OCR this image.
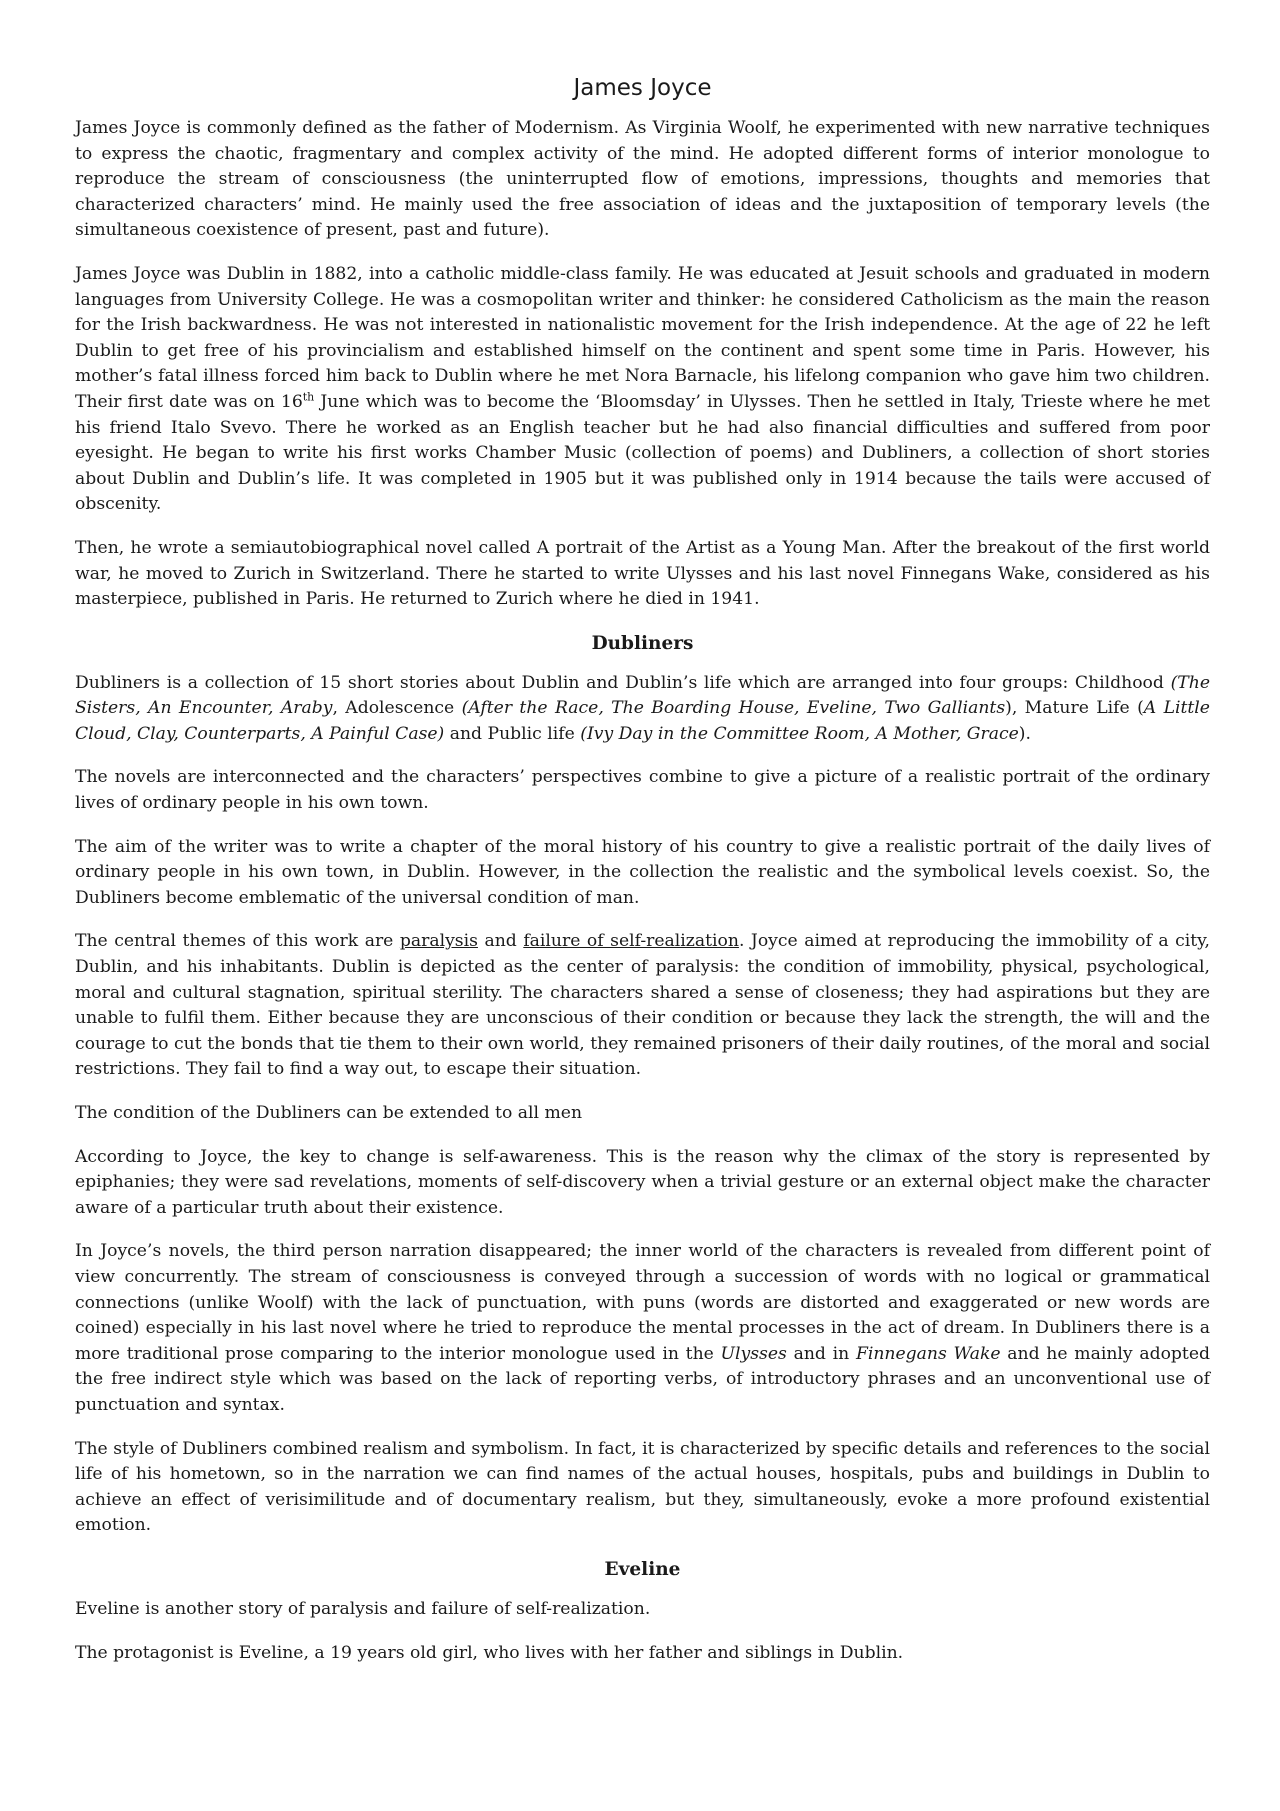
James Joyce

James Joyce is commonly defined as the father of Modernism. As Virginia Woolf, he experimented with new narrative techniques to express the chaotic, fragmentary and complex activity of the mind. He adopted different forms of interior monologue to reproduce the stream of consciousness (the uninterrupted flow of emotions, impressions, thoughts and memories that characterized characters’ mind. He mainly used the free association of ideas and the juxtaposition of temporary levels (the simultaneous coexistence of present, past and future).

James Joyce was Dublin in 1882, into a catholic middle-class family. He was educated at Jesuit schools and graduated in modern languages from University College. He was a cosmopolitan writer and thinker: he considered Catholicism as the main the reason for the Irish backwardness. He was not interested in nationalistic movement for the Irish independence. At the age of 22 he left Dublin to get free of his provincialism and established himself on the continent and spent some time in Paris. However, his mother’s fatal illness forced him back to Dublin where he met Nora Barnacle, his lifelong companion who gave him two children. Their first date was on 16th June which was to become the ‘Bloomsday’ in Ulysses. Then he settled in Italy, Trieste where he met his friend Italo Svevo. There he worked as an English teacher but he had also financial difficulties and suffered from poor eyesight. He began to write his first works Chamber Music (collection of poems) and Dubliners, a collection of short stories about Dublin and Dublin’s life. It was completed in 1905 but it was published only in 1914 because the tails were accused of obscenity.

Then, he wrote a semiautobiographical novel called A portrait of the Artist as a Young Man. After the breakout of the first world war, he moved to Zurich in Switzerland. There he started to write Ulysses and his last novel Finnegans Wake, considered as his masterpiece, published in Paris. He returned to Zurich where he died in 1941.

Dubliners

Dubliners is a collection of 15 short stories about Dublin and Dublin’s life which are arranged into four groups: Childhood (The Sisters, An Encounter, Araby, Adolescence (After the Race, The Boarding House, Eveline, Two Galliants), Mature Life (A Little Cloud, Clay, Counterparts, A Painful Case) and Public life (Ivy Day in the Committee Room, A Mother, Grace).

The novels are interconnected and the characters’ perspectives combine to give a picture of a realistic portrait of the ordinary lives of ordinary people in his own town.

The aim of the writer was to write a chapter of the moral history of his country to give a realistic portrait of the daily lives of ordinary people in his own town, in Dublin. However, in the collection the realistic and the symbolical levels coexist. So, the Dubliners become emblematic of the universal condition of man.

The central themes of this work are paralysis and failure of self-realization. Joyce aimed at reproducing the immobility of a city, Dublin, and his inhabitants. Dublin is depicted as the center of paralysis: the condition of immobility, physical, psychological, moral and cultural stagnation, spiritual sterility. The characters shared a sense of closeness; they had aspirations but they are unable to fulfil them. Either because they are unconscious of their condition or because they lack the strength, the will and the courage to cut the bonds that tie them to their own world, they remained prisoners of their daily routines, of the moral and social restrictions. They fail to find a way out, to escape their situation.

The condition of the Dubliners can be extended to all men

According to Joyce, the key to change is self-awareness. This is the reason why the climax of the story is represented by epiphanies; they were sad revelations, moments of self-discovery when a trivial gesture or an external object make the character aware of a particular truth about their existence.

In Joyce’s novels, the third person narration disappeared; the inner world of the characters is revealed from different point of view concurrently. The stream of consciousness is conveyed through a succession of words with no logical or grammatical connections (unlike Woolf) with the lack of punctuation, with puns (words are distorted and exaggerated or new words are coined) especially in his last novel where he tried to reproduce the mental processes in the act of dream. In Dubliners there is a more traditional prose comparing to the interior monologue used in the Ulysses and in Finnegans Wake and he mainly adopted the free indirect style which was based on the lack of reporting verbs, of introductory phrases and an unconventional use of punctuation and syntax.

The style of Dubliners combined realism and symbolism. In fact, it is characterized by specific details and references to the social life of his hometown, so in the narration we can find names of the actual houses, hospitals, pubs and buildings in Dublin to achieve an effect of verisimilitude and of documentary realism, but they, simultaneously, evoke a more profound existential emotion.

Eveline

Eveline is another story of paralysis and failure of self-realization.

The protagonist is Eveline, a 19 years old girl, who lives with her father and siblings in Dublin.
